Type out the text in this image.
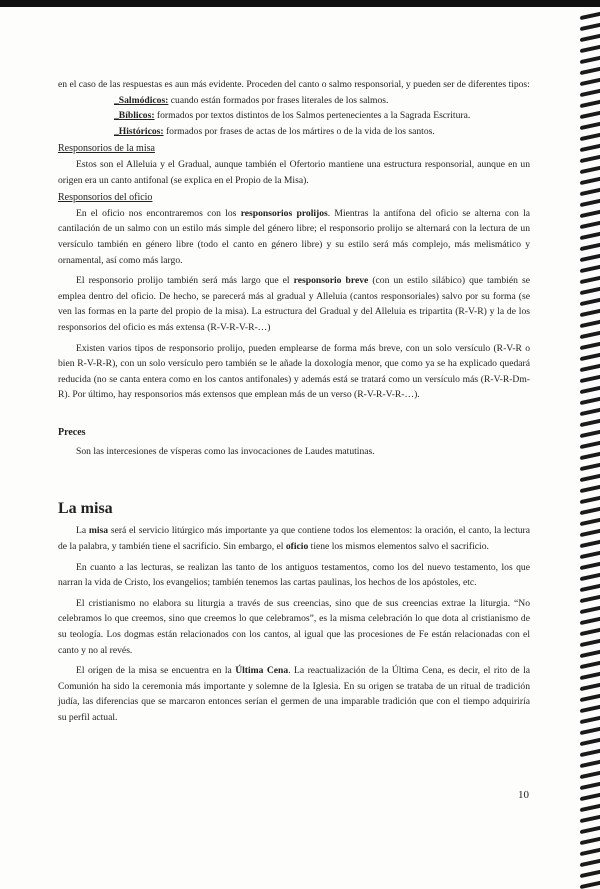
en el caso de las respuestas es aun más evidente. Proceden del canto o salmo responsorial, y pueden ser de diferentes tipos:

_Salmódicos: cuando están formados por frases literales de los salmos.

_Bíblicos: formados por textos distintos de los Salmos pertenecientes a la Sagrada Escritura.

_Históricos: formados por frases de actas de los mártires o de la vida de los santos.

Responsorios de la misa

Estos son el Alleluia y el Gradual, aunque también el Ofertorio mantiene una estructura responsorial, aunque en un origen era un canto antifonal (se explica en el Propio de la Misa).

Responsorios del oficio

En el oficio nos encontraremos con los responsorios prolijos. Mientras la antífona del oficio se alterna con la cantilación de un salmo con un estilo más simple del género libre; el responsorio prolijo se alternará con la lectura de un versículo también en género libre (todo el canto en género libre) y su estilo será más complejo, más melismático y ornamental, así como más largo.

El responsorio prolijo también será más largo que el responsorio breve (con un estilo silábico) que también se emplea dentro del oficio. De hecho, se parecerá más al gradual y Alleluia (cantos responsoriales) salvo por su forma (se ven las formas en la parte del propio de la misa). La estructura del Gradual y del Alleluia es tripartita (R-V-R) y la de los responsorios del oficio es más extensa (R-V-R-V-R-…)

Existen varios tipos de responsorio prolijo, pueden emplearse de forma más breve, con un solo versículo (R-V-R o bien R-V-R-R), con un solo versículo pero también se le añade la doxología menor, que como ya se ha explicado quedará reducida (no se canta entera como en los cantos antifonales) y además está se tratará como un versículo más (R-V-R-Dm-R). Por último, hay responsorios más extensos que emplean más de un verso (R-V-R-V-R-…).

Preces

Son las intercesiones de vísperas como las invocaciones de Laudes matutinas.

La misa

La misa será el servicio litúrgico más importante ya que contiene todos los elementos: la oración, el canto, la lectura de la palabra, y también tiene el sacrificio. Sin embargo, el oficio tiene los mismos elementos salvo el sacrificio.

En cuanto a las lecturas, se realizan las tanto de los antiguos testamentos, como los del nuevo testamento, los que narran la vida de Cristo, los evangelios; también tenemos las cartas paulinas, los hechos de los apóstoles, etc.

El cristianismo no elabora su liturgia a través de sus creencias, sino que de sus creencias extrae la liturgia. “No celebramos lo que creemos, sino que creemos lo que celebramos”, es la misma celebración lo que dota al cristianismo de su teología. Los dogmas están relacionados con los cantos, al igual que las procesiones de Fe están relacionadas con el canto y no al revés.

El origen de la misa se encuentra en la Última Cena. La reactualización de la Última Cena, es decir, el rito de la Comunión ha sido la ceremonia más importante y solemne de la Iglesia. En su origen se trataba de un ritual de tradición judía, las diferencias que se marcaron entonces serían el germen de una imparable tradición que con el tiempo adquiriría su perfil actual.

10
